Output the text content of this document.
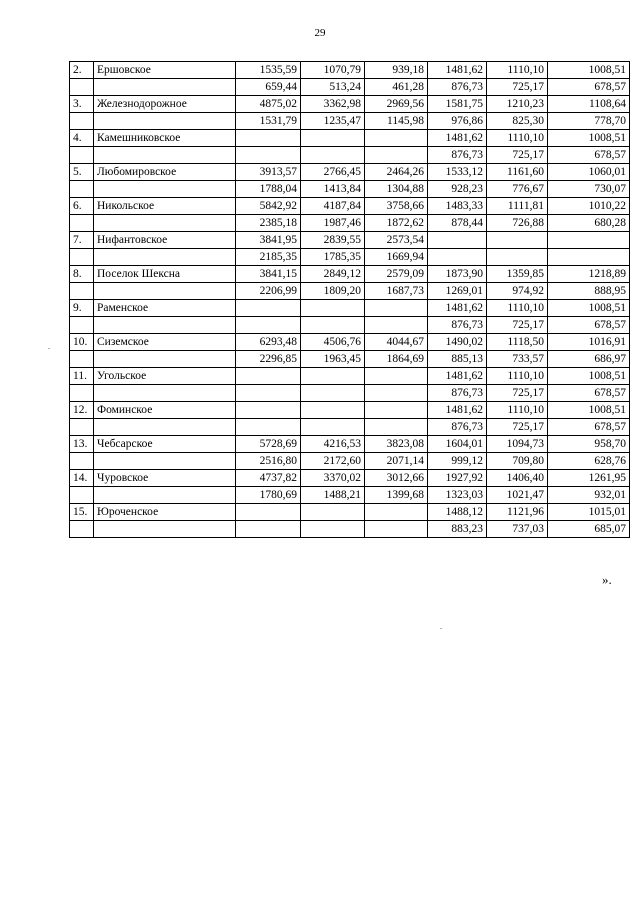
29
2.	Ершовское	1535,59	1070,79	939,18	1481,62	1110,10	1008,51
		659,44	513,24	461,28	876,73	725,17	678,57
3.	Железнодорожное	4875,02	3362,98	2969,56	1581,75	1210,23	1108,64
		1531,79	1235,47	1145,98	976,86	825,30	778,70
4.	Камешниковское				1481,62	1110,10	1008,51
					876,73	725,17	678,57
5.	Любомировское	3913,57	2766,45	2464,26	1533,12	1161,60	1060,01
		1788,04	1413,84	1304,88	928,23	776,67	730,07
6.	Никольское	5842,92	4187,84	3758,66	1483,33	1111,81	1010,22
		2385,18	1987,46	1872,62	878,44	726,88	680,28
7.	Нифантовское	3841,95	2839,55	2573,54			
		2185,35	1785,35	1669,94			
8.	Поселок Шексна	3841,15	2849,12	2579,09	1873,90	1359,85	1218,89
		2206,99	1809,20	1687,73	1269,01	974,92	888,95
9.	Раменское				1481,62	1110,10	1008,51
					876,73	725,17	678,57
10.	Сиземское	6293,48	4506,76	4044,67	1490,02	1118,50	1016,91
		2296,85	1963,45	1864,69	885,13	733,57	686,97
11.	Угольское				1481,62	1110,10	1008,51
					876,73	725,17	678,57
12.	Фоминское				1481,62	1110,10	1008,51
					876,73	725,17	678,57
13.	Чебсарское	5728,69	4216,53	3823,08	1604,01	1094,73	958,70
		2516,80	2172,60	2071,14	999,12	709,80	628,76
14.	Чуровское	4737,82	3370,02	3012,66	1927,92	1406,40	1261,95
		1780,69	1488,21	1399,68	1323,03	1021,47	932,01
15.	Юроченское				1488,12	1121,96	1015,01
					883,23	737,03	685,07
».
